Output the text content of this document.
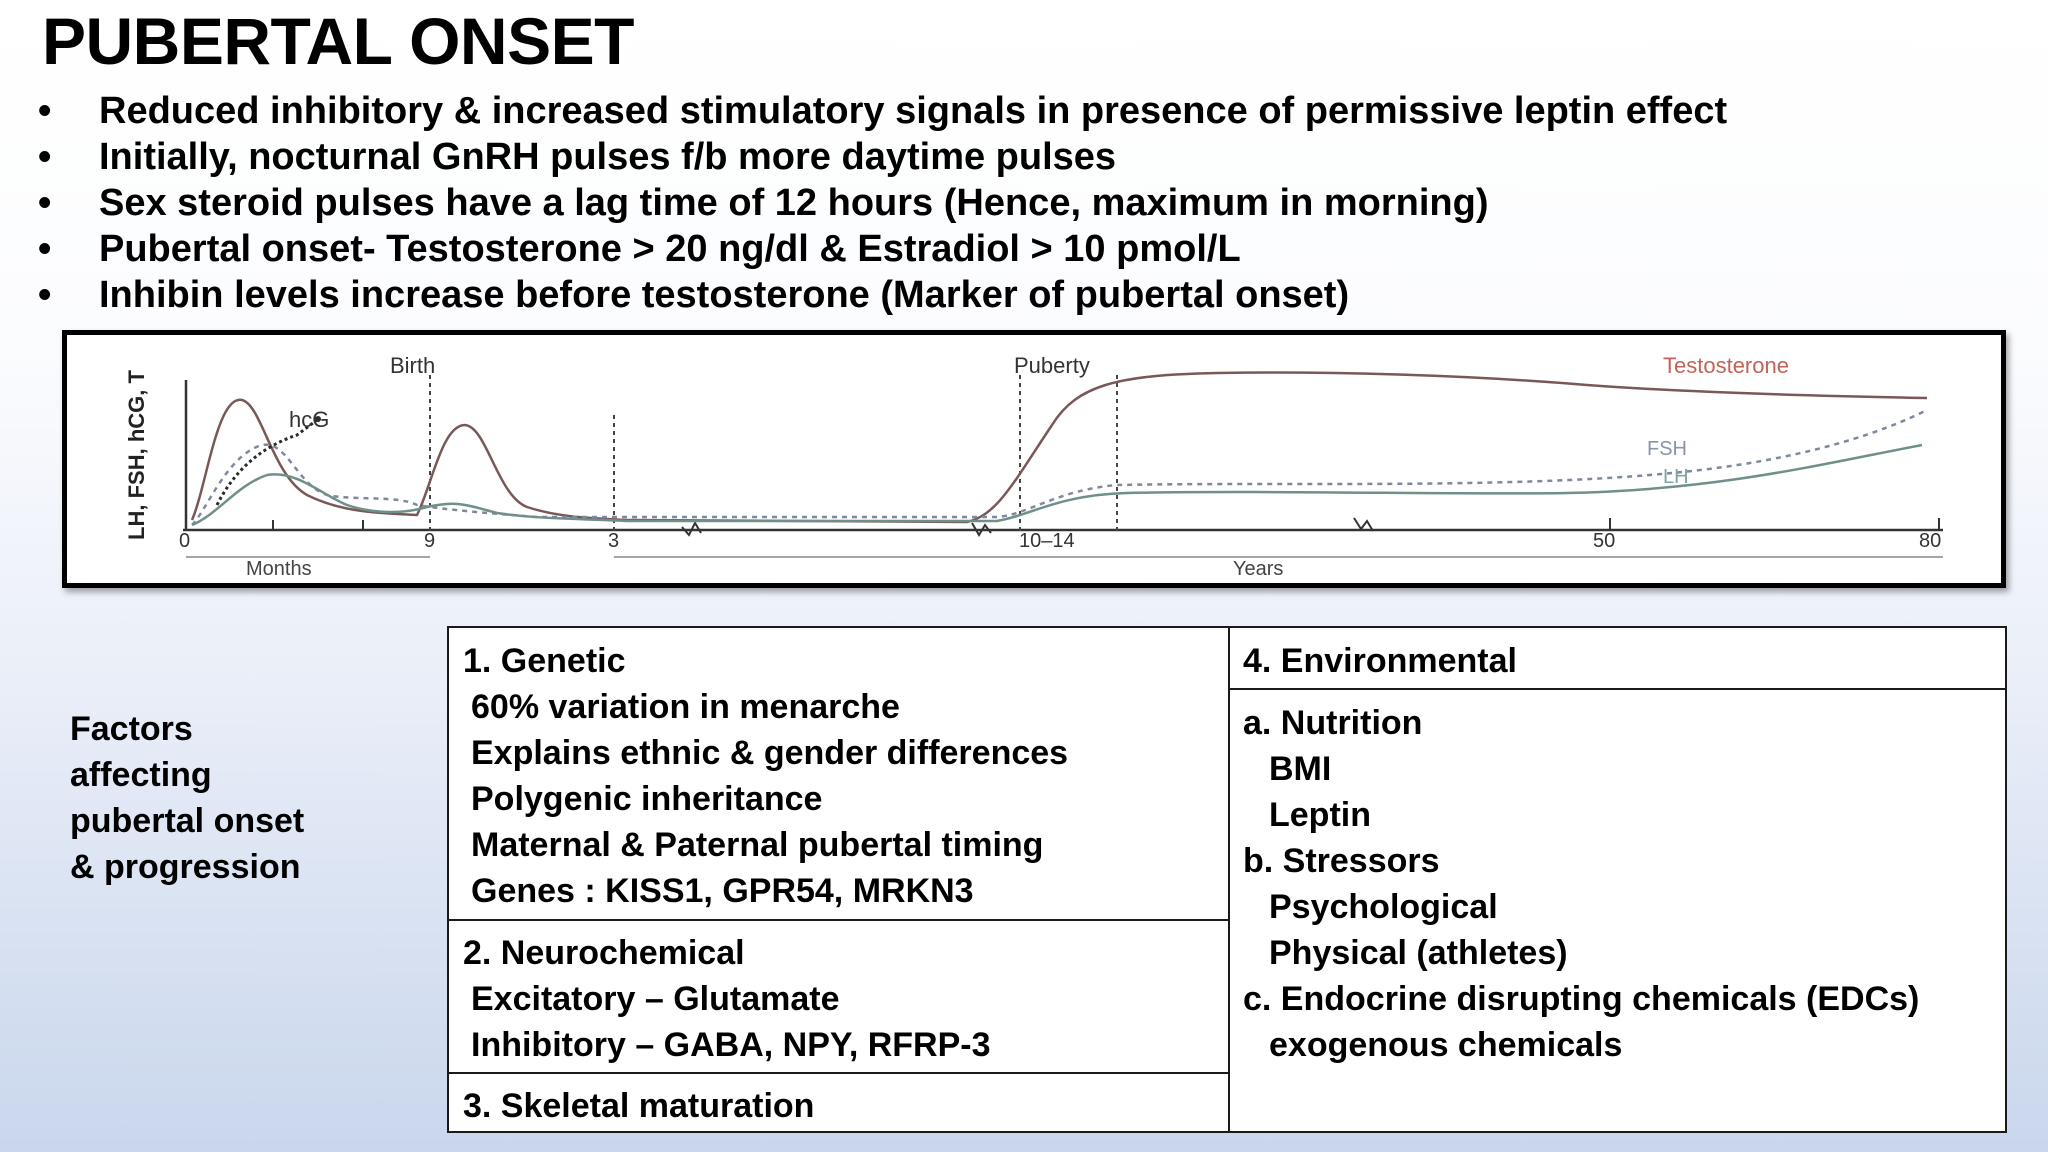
PUBERTAL ONSET
• Reduced inhibitory & increased stimulatory signals in presence of permissive leptin effect
• Initially, nocturnal GnRH pulses f/b more daytime pulses
• Sex steroid pulses have a lag time of 12 hours (Hence, maximum in morning)
• Pubertal onset- Testosterone > 20 ng/dl & Estradiol > 10 pmol/L
• Inhibin levels increase before testosterone (Marker of pubertal onset)
LH, FSH, hCG, T
Birth	Puberty
hcG
Testosterone
FSH
LH
0	9	3	10–14	50	80
Months	Years
Factors
affecting
pubertal onset
& progression
1. Genetic
60% variation in menarche
Explains ethnic & gender differences
Polygenic inheritance
Maternal & Paternal pubertal timing
Genes : KISS1, GPR54, MRKN3
2. Neurochemical
Excitatory – Glutamate
Inhibitory – GABA, NPY, RFRP-3
3. Skeletal maturation
4. Environmental
a. Nutrition
BMI
Leptin
b. Stressors
Psychological
Physical (athletes)
c. Endocrine disrupting chemicals (EDCs)
exogenous chemicals
